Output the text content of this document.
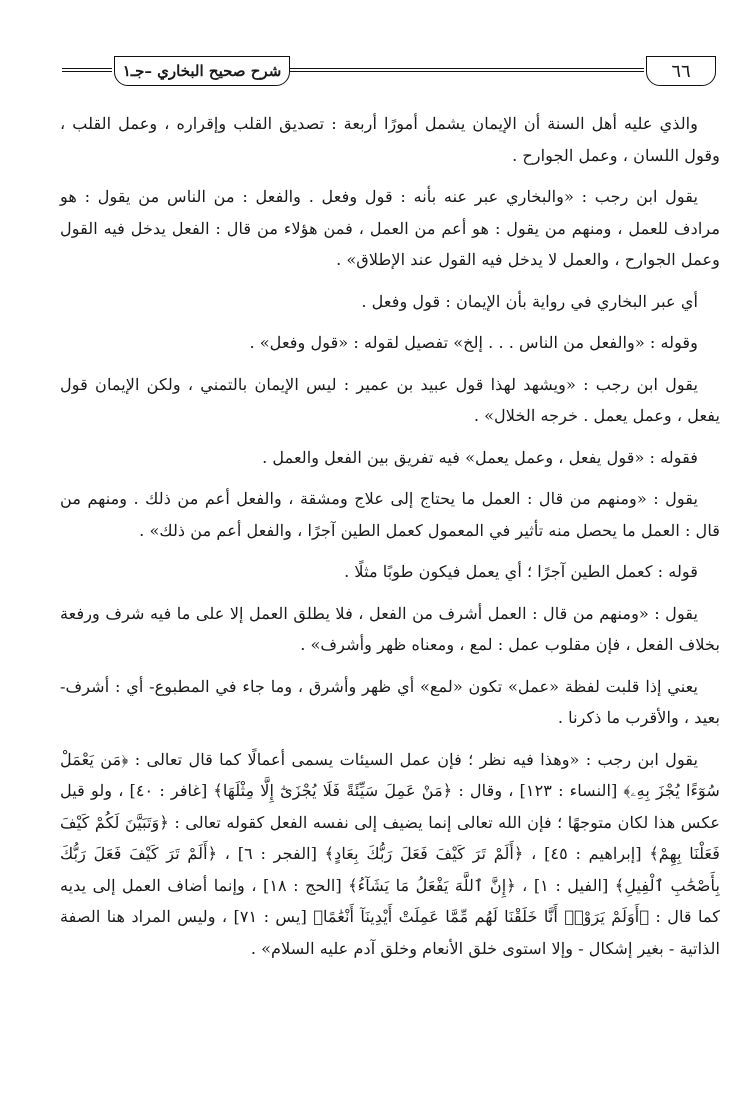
شرح صحيح البخاري –جـ١	٦٦

والذي عليه أهل السنة أن الإيمان يشمل أمورًا أربعة : تصديق القلب وإقراره ، وعمل القلب ، وقول اللسان ، وعمل الجوارح .

يقول ابن رجب : «والبخاري عبر عنه بأنه : قول وفعل . والفعل : من الناس من يقول : هو مرادف للعمل ، ومنهم من يقول : هو أعم من العمل ، فمن هؤلاء من قال : الفعل يدخل فيه القول وعمل الجوارح ، والعمل لا يدخل فيه القول عند الإطلاق» .

أي عبر البخاري في رواية بأن الإيمان : قول وفعل .

وقوله : «والفعل من الناس . . . إلخ» تفصيل لقوله : «قول وفعل» .

يقول ابن رجب : «ويشهد لهذا قول عبيد بن عمير : ليس الإيمان بالتمني ، ولكن الإيمان قول يفعل ، وعمل يعمل . خرجه الخلال» .

فقوله : «قول يفعل ، وعمل يعمل» فيه تفريق بين الفعل والعمل .

يقول : «ومنهم من قال : العمل ما يحتاج إلى علاج ومشقة ، والفعل أعم من ذلك . ومنهم من قال : العمل ما يحصل منه تأثير في المعمول كعمل الطين آجرًا ، والفعل أعم من ذلك» .

قوله : كعمل الطين آجرًا ؛ أي يعمل فيكون طوبًا مثلًا .

يقول : «ومنهم من قال : العمل أشرف من الفعل ، فلا يطلق العمل إلا على ما فيه شرف ورفعة بخلاف الفعل ، فإن مقلوب عمل : لمع ، ومعناه ظهر وأشرف» .

يعني إذا قلبت لفظة «عمل» تكون «لمع» أي ظهر وأشرق ، وما جاء في المطبوع- أي : أشرف-بعيد ، والأقرب ما ذكرنا .

يقول ابن رجب : «وهذا فيه نظر ؛ فإن عمل السيئات يسمى أعمالًا كما قال تعالى : ﴿مَن يَعْمَلْ سُوٓءًا يُجْزَ بِهِۦ﴾ [النساء : ١٢٣] ، وقال : ﴿مَنْ عَمِلَ سَيِّئَةً فَلَا يُجْزَىٰٓ إِلَّا مِثْلَهَا﴾ [غافر : ٤٠] ، ولو قيل عكس هذا لكان متوجهًا ؛ فإن الله تعالى إنما يضيف إلى نفسه الفعل كقوله تعالى : ﴿وَتَبَيَّنَ لَكُمْ كَيْفَ فَعَلْنَا بِهِمْ﴾ [إبراهيم : ٤٥] ، ﴿أَلَمْ تَرَ كَيْفَ فَعَلَ رَبُّكَ بِعَادٍ﴾ [الفجر : ٦] ، ﴿أَلَمْ تَرَ كَيْفَ فَعَلَ رَبُّكَ بِأَصْحَٰبِ ٱلْفِيلِ﴾ [الفيل : ١] ، ﴿إِنَّ ٱللَّهَ يَفْعَلُ مَا يَشَآءُ﴾ [الحج : ١٨] ، وإنما أضاف العمل إلى يديه كما قال : ﴿أَوَلَمْ يَرَوْا۟ أَنَّا خَلَقْنَا لَهُم مِّمَّا عَمِلَتْ أَيْدِينَآ أَنْعَٰمًا﴾ [يس : ٧١] ، وليس المراد هنا الصفة الذاتية - بغير إشكال - وإلا استوى خلق الأنعام وخلق آدم عليه السلام» .
